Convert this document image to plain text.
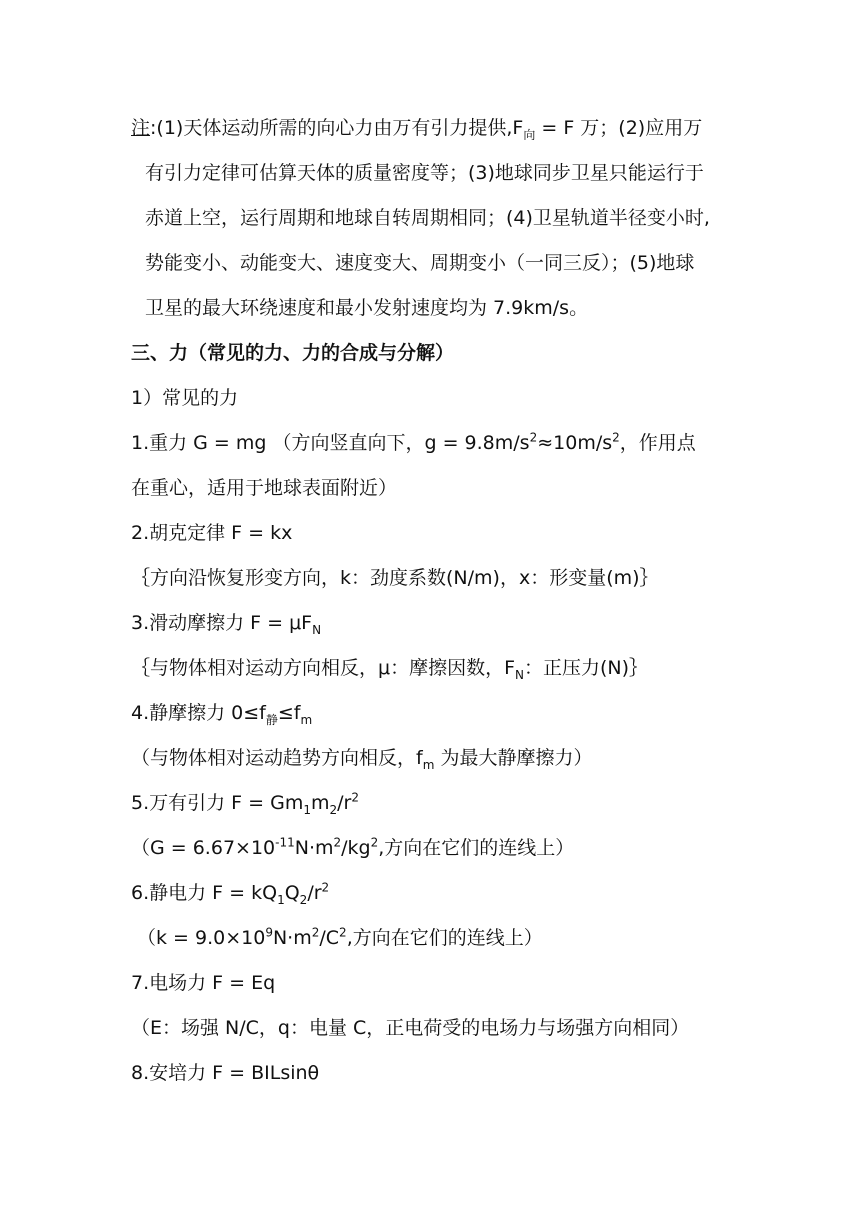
注:(1)天体运动所需的向心力由万有引力提供$,F_向 = F$ 万；(2)应用万
有引力定律可估算天体的质量密度等；(3)地球同步卫星只能运行于
赤道上空，运行周期和地球自转周期相同；(4)卫星轨道半径变小时,
势能变小、动能变大、速度变大、周期变小（一同三反）；(5)地球
卫星的最大环绕速度和最小发射速度均为 7.9km/s。
三、力（常见的力、力的合成与分解）
1）常见的力
1.重力 G = mg （方向竖直向下，$g = 9.8m/s^2\approx 10m/s^2$，作用点
在重心，适用于地球表面附近）
2.胡克定律 F = kx
｛方向沿恢复形变方向，k：劲度系数(N/m)，x：形变量(m)｝
3.滑动摩擦力 $F = \mu F_N$
｛与物体相对运动方向相反，μ：摩擦因数，$F_N$：正压力(N)｝
4.静摩擦力 $0\le f_静\le f_m$
（与物体相对运动趋势方向相反，$f_m$ 为最大静摩擦力）
5.万有引力 $F = Gm_1m_2/r^2$
（$G = 6.67\times 10^{-11}N\cdot m^2/kg^2$,方向在它们的连线上）
6.静电力 $F = kQ_1Q_2/r^2$
（$k = 9.0\times 10^9N\cdot m^2/C^2$,方向在它们的连线上）
7.电场力 F = Eq
（E：场强 N/C，q：电量 C，正电荷受的电场力与场强方向相同）
8.安培力 F = BILsinθ
